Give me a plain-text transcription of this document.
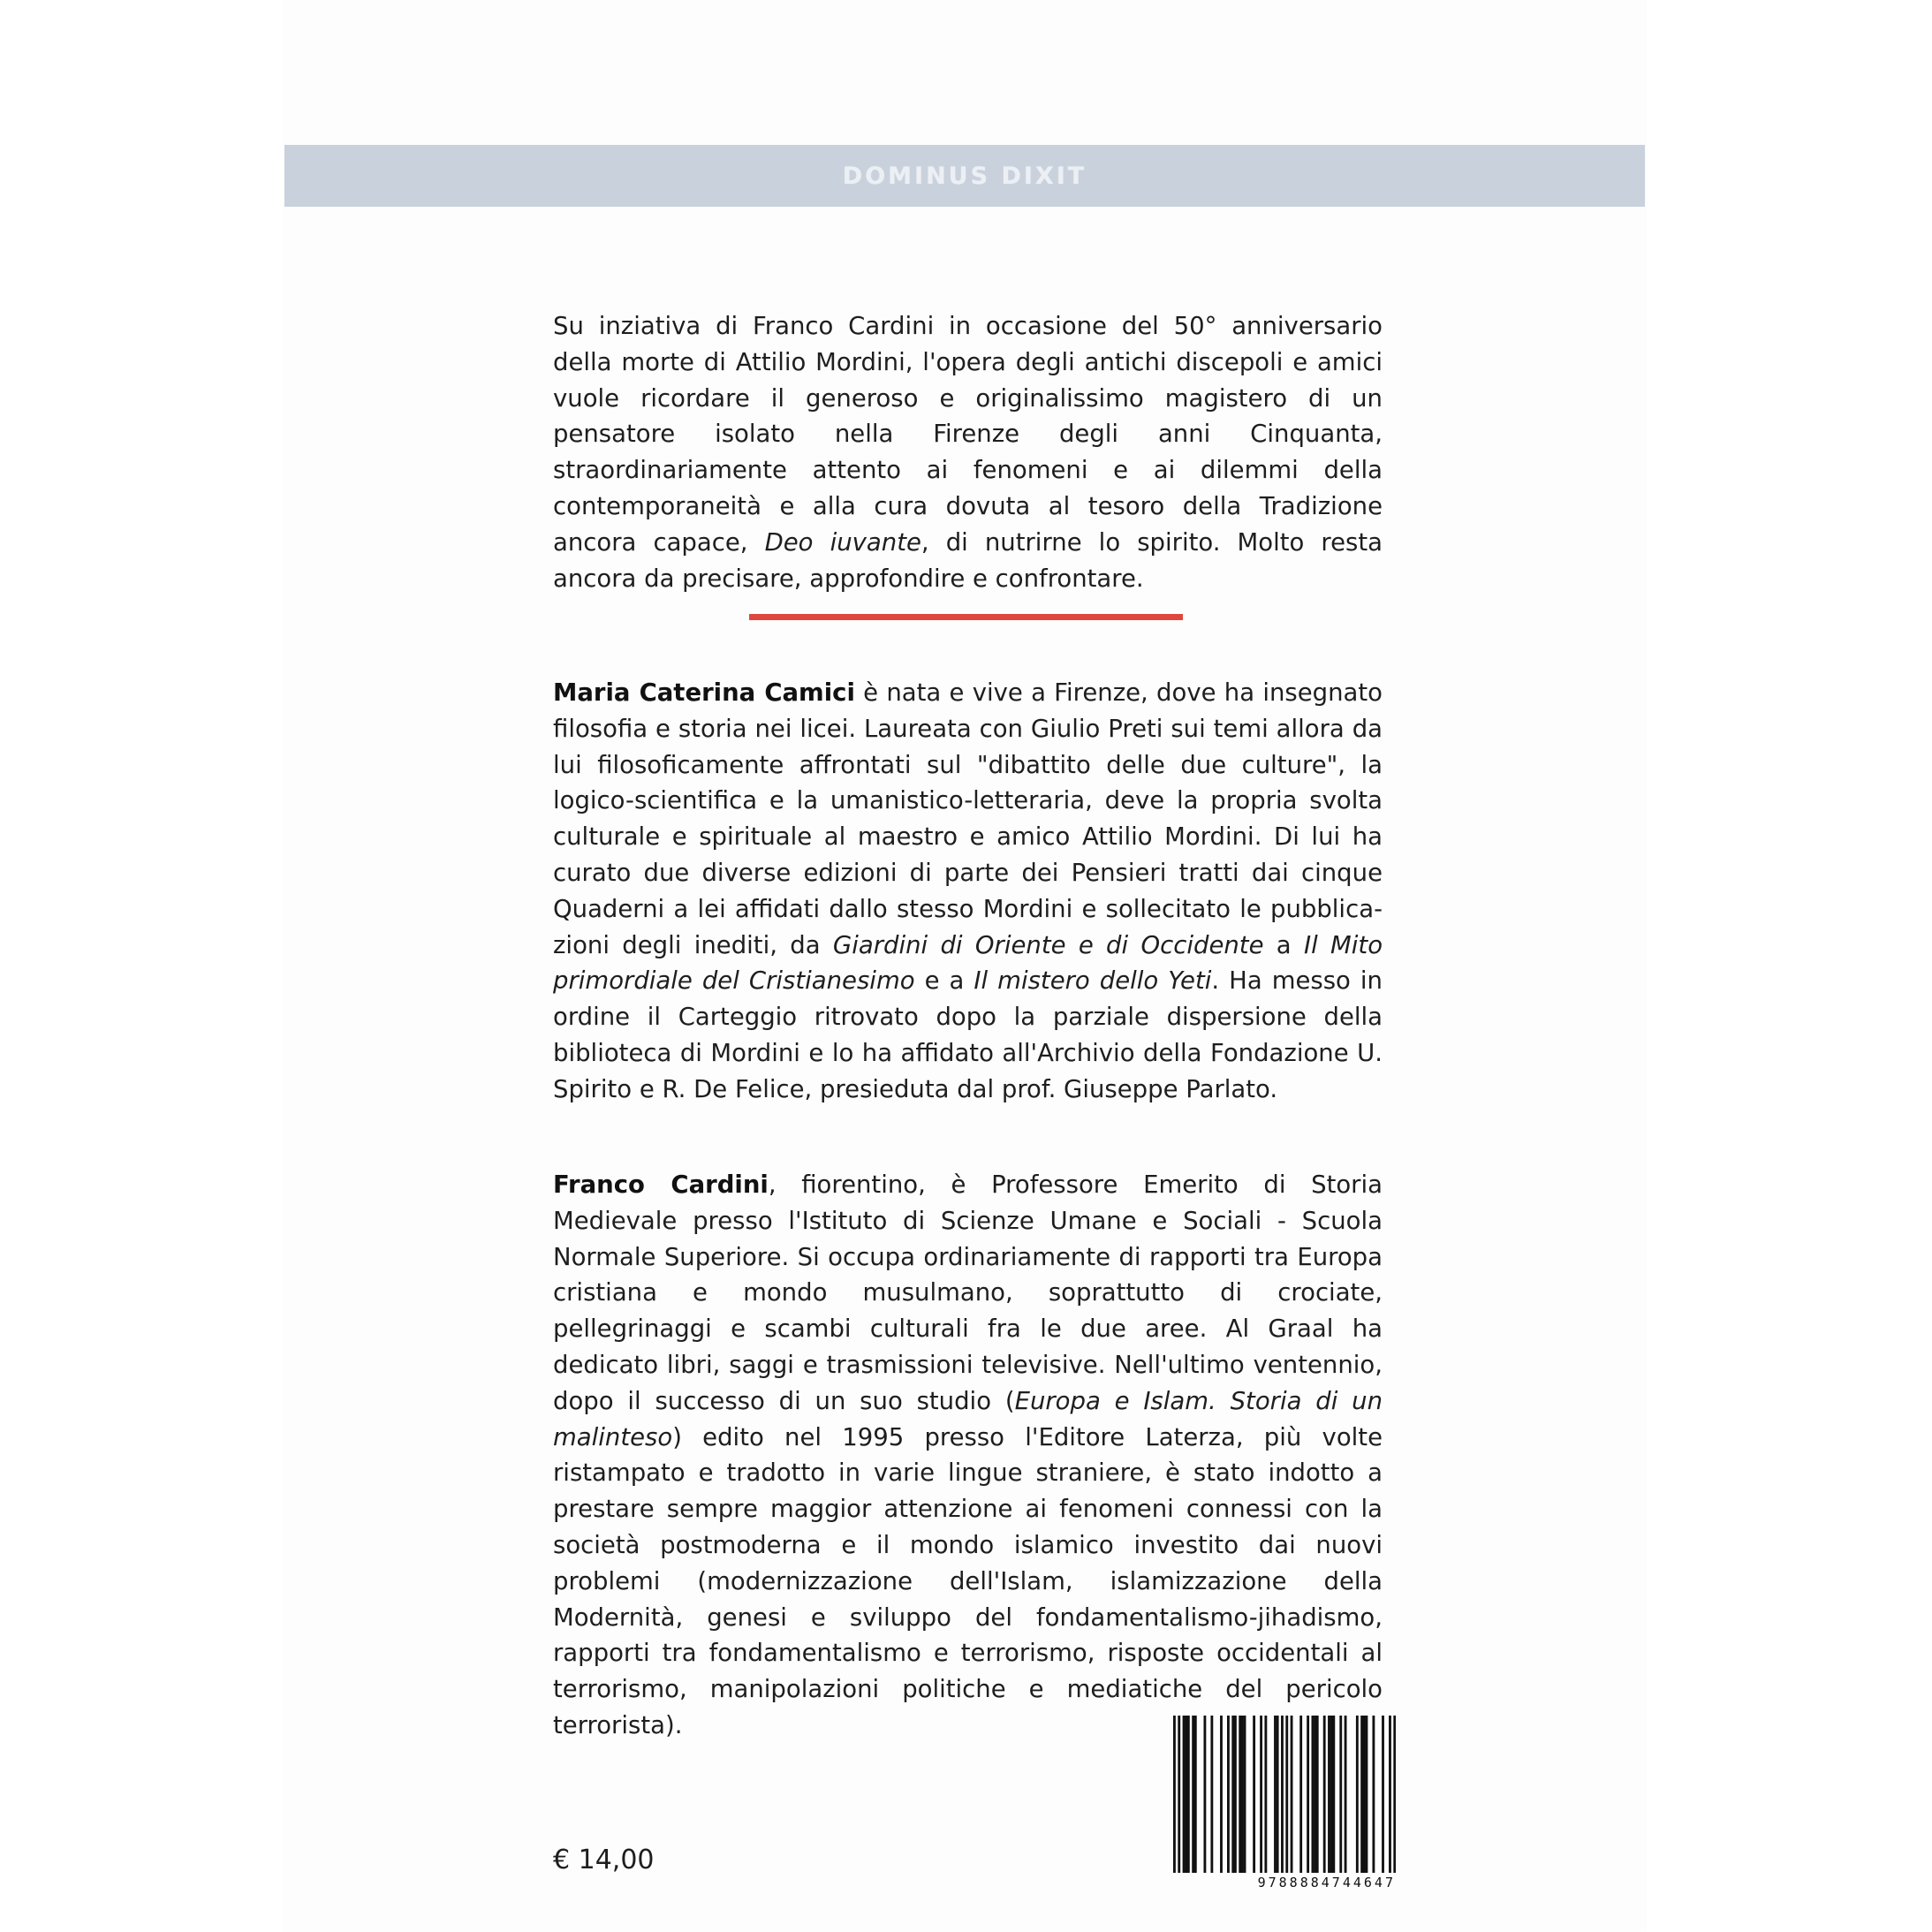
DOMINUS DIXIT

Su inziativa di Franco Cardini in occasione del 50° anniversario della morte di Attilio Mordini, l'opera degli antichi discepoli e amici vuole ricordare il generoso e originalissimo magistero di un pensatore isolato nella Firenze degli anni Cinquanta, straordinariamente attento ai fenomeni e ai dilemmi della contemporaneità e alla cura dovuta al tesoro della Tradizione ancora capace, Deo iuvante, di nutrirne lo spirito. Molto resta ancora da precisare, approfondire e confrontare.

Maria Caterina Camici è nata e vive a Firenze, dove ha insegnato filosofia e storia nei licei. Laureata con Giulio Preti sui temi allora da lui filosoficamente affrontati sul "dibattito delle due culture", la logico-scientifica e la umanistico-letteraria, deve la propria svolta culturale e spirituale al maestro e amico Attilio Mordini. Di lui ha curato due diverse edizioni di parte dei Pensieri tratti dai cinque Quaderni a lei affidati dallo stesso Mordini e sollecitato le pubblicazioni degli inediti, da Giardini di Oriente e di Occidente a Il Mito primordiale del Cristianesimo e a Il mistero dello Yeti. Ha messo in ordine il Carteggio ritrovato dopo la parziale dispersione della biblioteca di Mordini e lo ha affidato all'Archivio della Fondazione U. Spirito e R. De Felice, presieduta dal prof. Giuseppe Parlato.

Franco Cardini, fiorentino, è Professore Emerito di Storia Medievale presso l'Istituto di Scienze Umane e Sociali - Scuola Normale Superiore. Si occupa ordinariamente di rapporti tra Europa cristiana e mondo musulmano, soprattutto di crociate, pellegrinaggi e scambi culturali fra le due aree. Al Graal ha dedicato libri, saggi e trasmissioni televisive. Nell'ultimo ventennio, dopo il successo di un suo studio (Europa e Islam. Storia di un malinteso) edito nel 1995 presso l'Editore Laterza, più volte ristampato e tradotto in varie lingue straniere, è stato indotto a prestare sempre maggior attenzione ai fenomeni connessi con la società postmoderna e il mondo islamico investito dai nuovi problemi (modernizzazione dell'Islam, islamizzazione della Modernità, genesi e sviluppo del fondamentalismo-jihadismo, rapporti tra fondamentalismo e terrorismo, risposte occidentali al terrorismo, manipolazioni politiche e mediatiche del pericolo terrorista).

€ 14,00
9788884744647
